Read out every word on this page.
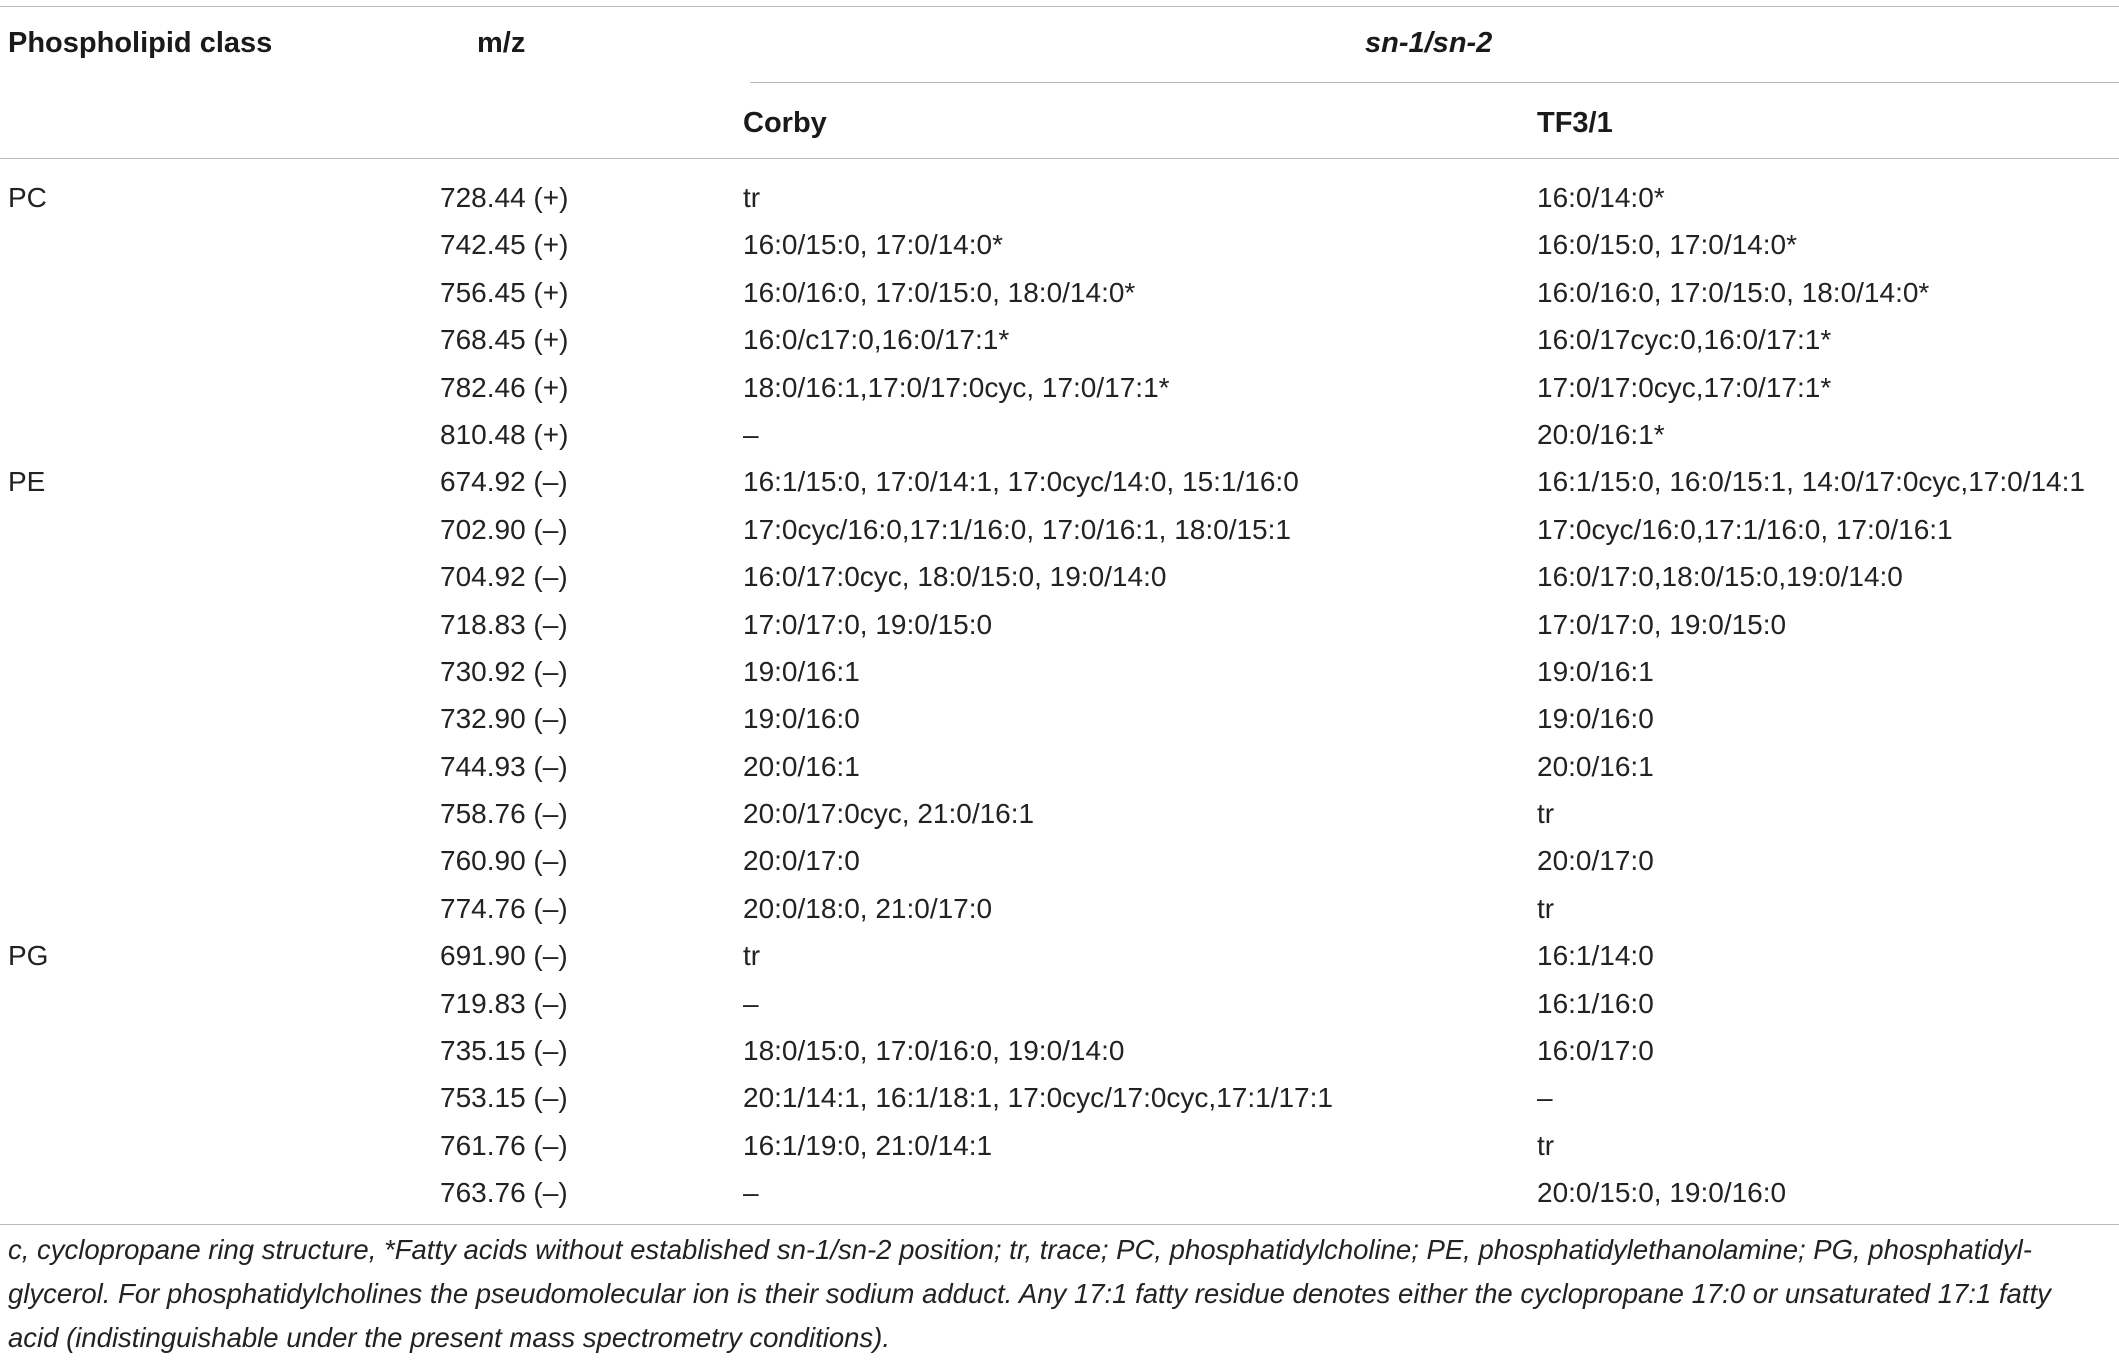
Phospholipid class	m/z	sn-1/sn-2
Corby	TF3/1
PC	728.44 (+)	tr	16:0/14:0*
742.45 (+)	16:0/15:0, 17:0/14:0*	16:0/15:0, 17:0/14:0*
756.45 (+)	16:0/16:0, 17:0/15:0, 18:0/14:0*	16:0/16:0, 17:0/15:0, 18:0/14:0*
768.45 (+)	16:0/c17:0,16:0/17:1*	16:0/17cyc:0,16:0/17:1*
782.46 (+)	18:0/16:1,17:0/17:0cyc, 17:0/17:1*	17:0/17:0cyc,17:0/17:1*
810.48 (+)	–	20:0/16:1*
PE	674.92 (–)	16:1/15:0, 17:0/14:1, 17:0cyc/14:0, 15:1/16:0	16:1/15:0, 16:0/15:1, 14:0/17:0cyc,17:0/14:1
702.90 (–)	17:0cyc/16:0,17:1/16:0, 17:0/16:1, 18:0/15:1	17:0cyc/16:0,17:1/16:0, 17:0/16:1
704.92 (–)	16:0/17:0cyc, 18:0/15:0, 19:0/14:0	16:0/17:0,18:0/15:0,19:0/14:0
718.83 (–)	17:0/17:0, 19:0/15:0	17:0/17:0, 19:0/15:0
730.92 (–)	19:0/16:1	19:0/16:1
732.90 (–)	19:0/16:0	19:0/16:0
744.93 (–)	20:0/16:1	20:0/16:1
758.76 (–)	20:0/17:0cyc, 21:0/16:1	tr
760.90 (–)	20:0/17:0	20:0/17:0
774.76 (–)	20:0/18:0, 21:0/17:0	tr
PG	691.90 (–)	tr	16:1/14:0
719.83 (–)	–	16:1/16:0
735.15 (–)	18:0/15:0, 17:0/16:0, 19:0/14:0	16:0/17:0
753.15 (–)	20:1/14:1, 16:1/18:1, 17:0cyc/17:0cyc,17:1/17:1	–
761.76 (–)	16:1/19:0, 21:0/14:1	tr
763.76 (–)	–	20:0/15:0, 19:0/16:0
c, cyclopropane ring structure, *Fatty acids without established sn-1/sn-2 position; tr, trace; PC, phosphatidylcholine; PE, phosphatidylethanolamine; PG, phosphatidyl-glycerol. For phosphatidylcholines the pseudomolecular ion is their sodium adduct. Any 17:1 fatty residue denotes either the cyclopropane 17:0 or unsaturated 17:1 fatty acid (indistinguishable under the present mass spectrometry conditions).
